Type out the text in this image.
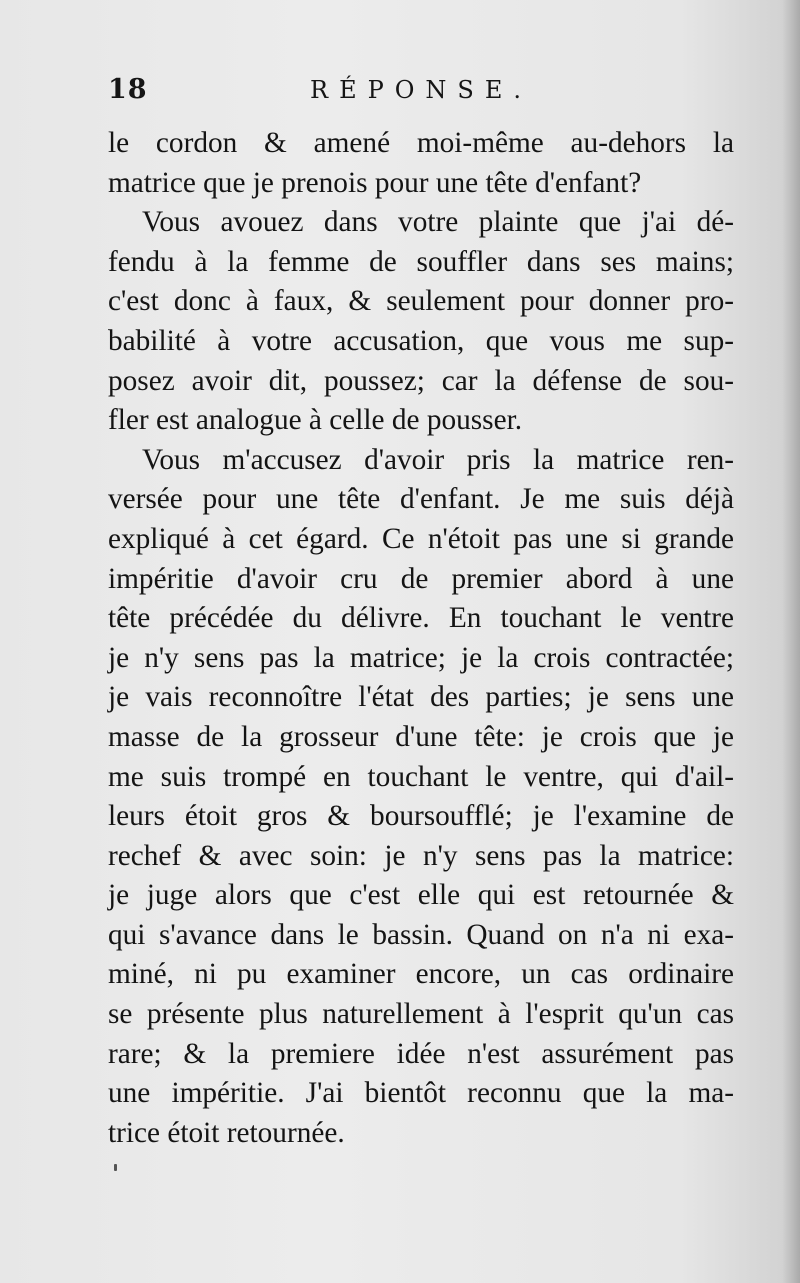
18	RÉPONSE.
le cordon & amené moi-même au-dehors la
matrice que je prenois pour une tête d'enfant?
Vous avouez dans votre plainte que j'ai dé-
fendu à la femme de souffler dans ses mains;
c'est donc à faux, & seulement pour donner pro-
babilité à votre accusation, que vous me sup-
posez avoir dit, poussez; car la défense de sou-
fler est analogue à celle de pousser.
Vous m'accusez d'avoir pris la matrice ren-
versée pour une tête d'enfant. Je me suis déjà
expliqué à cet égard. Ce n'étoit pas une si grande
impéritie d'avoir cru de premier abord à une
tête précédée du délivre. En touchant le ventre
je n'y sens pas la matrice; je la crois contractée;
je vais reconnoître l'état des parties; je sens une
masse de la grosseur d'une tête: je crois que je
me suis trompé en touchant le ventre, qui d'ail-
leurs étoit gros & boursoufflé; je l'examine de
rechef & avec soin: je n'y sens pas la matrice:
je juge alors que c'est elle qui est retournée &
qui s'avance dans le bassin. Quand on n'a ni exa-
miné, ni pu examiner encore, un cas ordinaire
se présente plus naturellement à l'esprit qu'un cas
rare; & la premiere idée n'est assurément pas
une impéritie. J'ai bientôt reconnu que la ma-
trice étoit retournée.
